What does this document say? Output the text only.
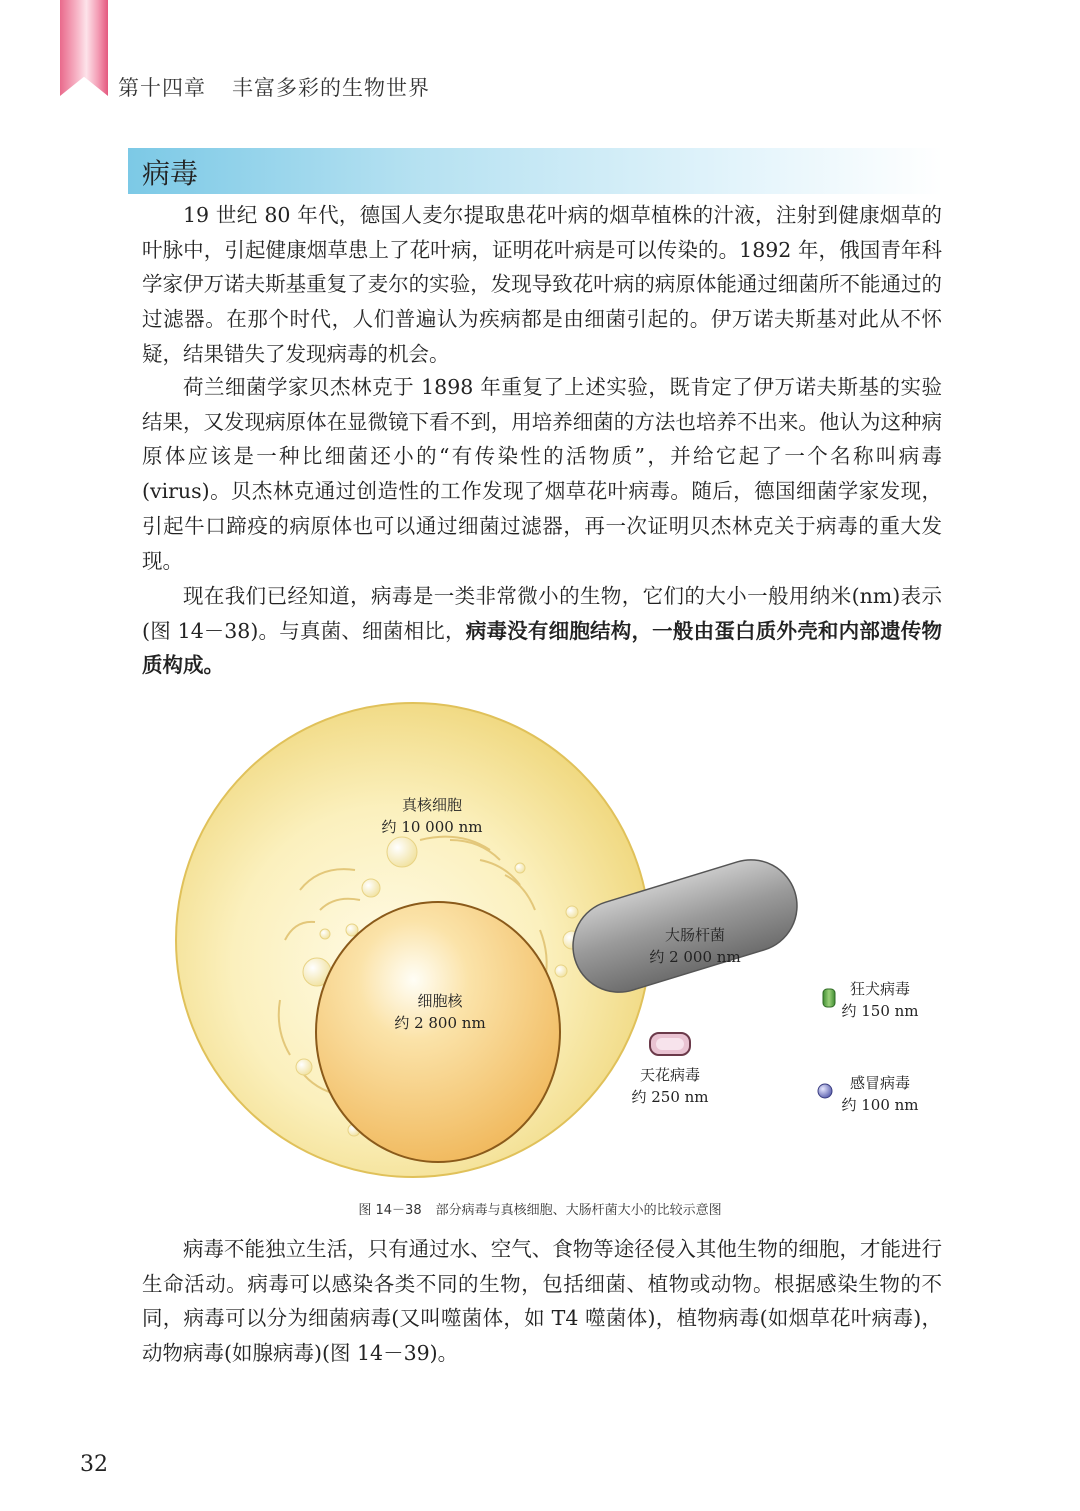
第十四章 丰富多彩的生物世界
病毒

19 世纪 80 年代，德国人麦尔提取患花叶病的烟草植株的汁液，注射到健康烟草的叶脉中，引起健康烟草患上了花叶病，证明花叶病是可以传染的。1892 年，俄国青年科学家伊万诺夫斯基重复了麦尔的实验，发现导致花叶病的病原体能通过细菌所不能通过的过滤器。在那个时代，人们普遍认为疾病都是由细菌引起的。伊万诺夫斯基对此从不怀疑，结果错失了发现病毒的机会。

荷兰细菌学家贝杰林克于 1898 年重复了上述实验，既肯定了伊万诺夫斯基的实验结果，又发现病原体在显微镜下看不到，用培养细菌的方法也培养不出来。他认为这种病原体应该是一种比细菌还小的“有传染性的活物质”，并给它起了一个名称叫病毒(virus)。贝杰林克通过创造性的工作发现了烟草花叶病毒。随后，德国细菌学家发现，引起牛口蹄疫的病原体也可以通过细菌过滤器，再一次证明贝杰林克关于病毒的重大发现。

现在我们已经知道，病毒是一类非常微小的生物，它们的大小一般用纳米(nm)表示(图 14－38)。与真菌、细菌相比，病毒没有细胞结构，一般由蛋白质外壳和内部遗传物质构成。

真核细胞
约 10 000 nm
细胞核
约 2 800 nm
大肠杆菌
约 2 000 nm
狂犬病毒
约 150 nm
天花病毒
约 250 nm
感冒病毒
约 100 nm
图 14－38 部分病毒与真核细胞、大肠杆菌大小的比较示意图

病毒不能独立生活，只有通过水、空气、食物等途径侵入其他生物的细胞，才能进行生命活动。病毒可以感染各类不同的生物，包括细菌、植物或动物。根据感染生物的不同，病毒可以分为细菌病毒(又叫噬菌体，如 T4 噬菌体)，植物病毒(如烟草花叶病毒)，动物病毒(如腺病毒)(图 14－39)。

32
